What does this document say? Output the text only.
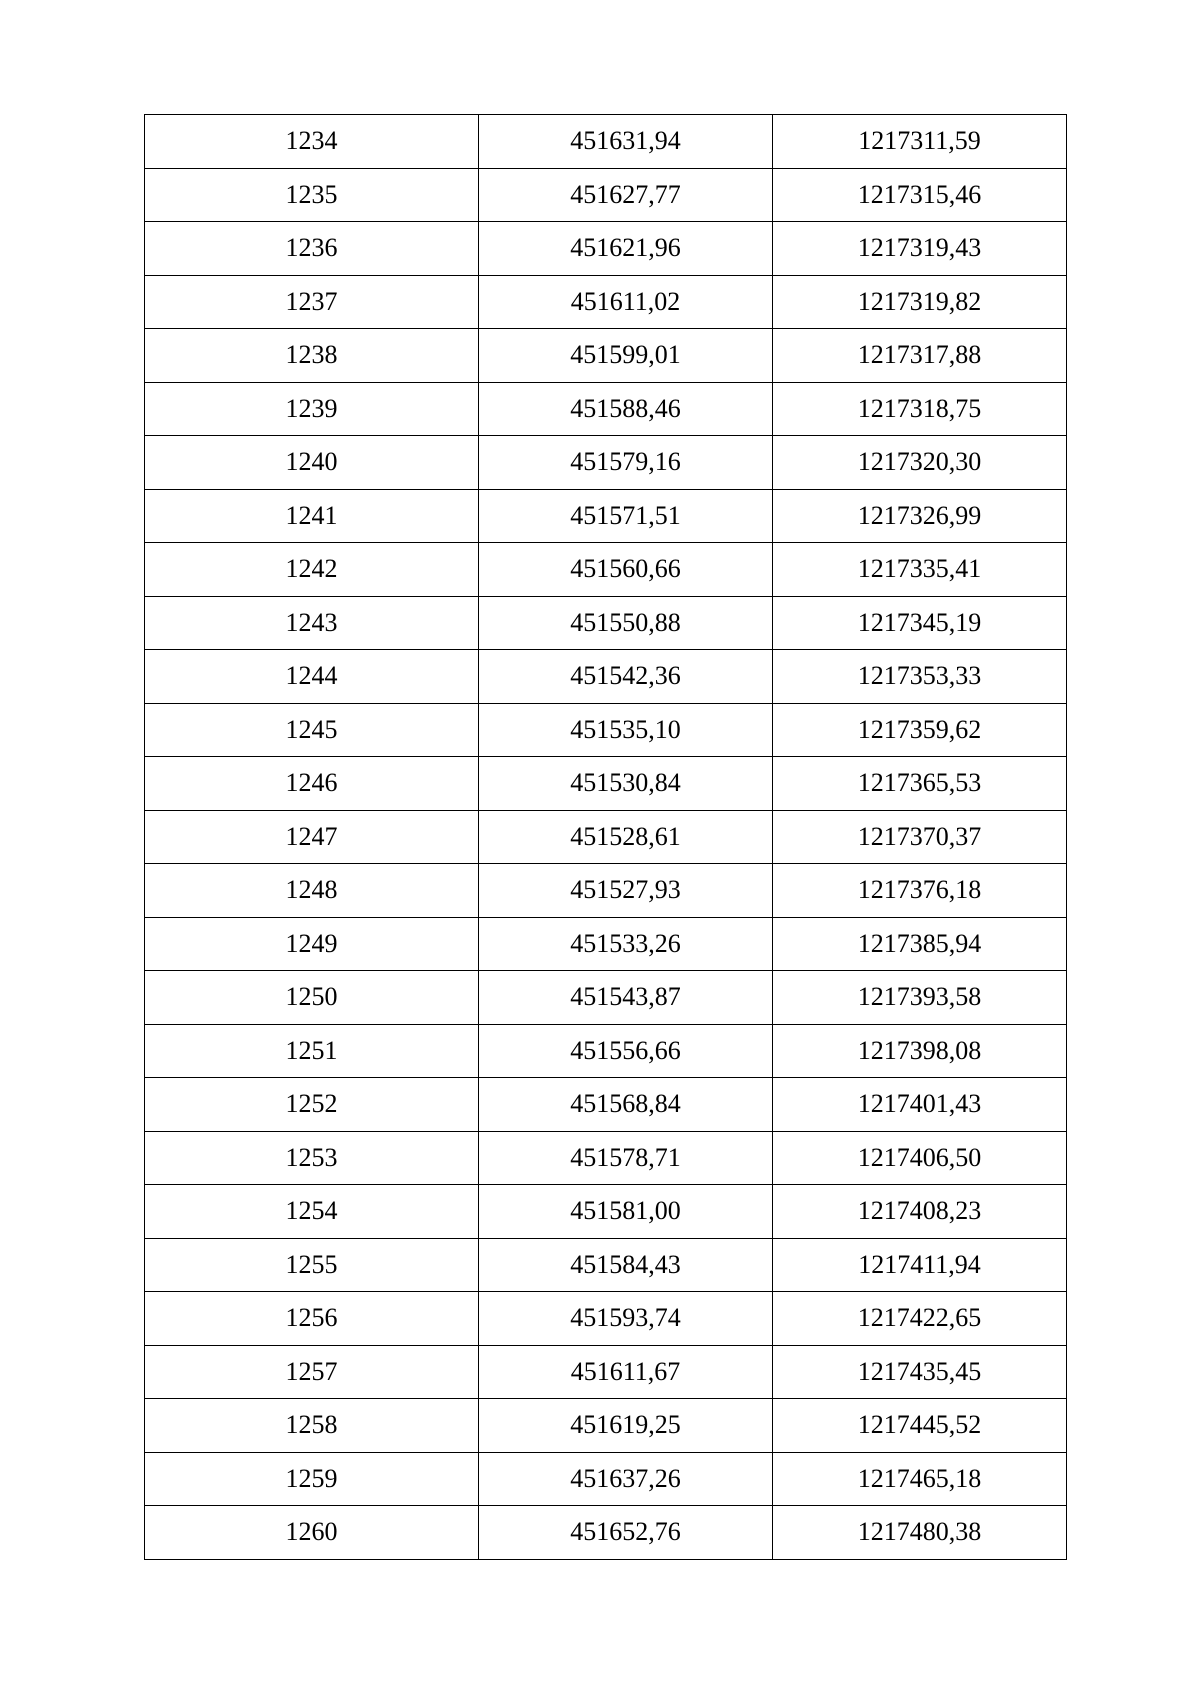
1234	451631,94	1217311,59
1235	451627,77	1217315,46
1236	451621,96	1217319,43
1237	451611,02	1217319,82
1238	451599,01	1217317,88
1239	451588,46	1217318,75
1240	451579,16	1217320,30
1241	451571,51	1217326,99
1242	451560,66	1217335,41
1243	451550,88	1217345,19
1244	451542,36	1217353,33
1245	451535,10	1217359,62
1246	451530,84	1217365,53
1247	451528,61	1217370,37
1248	451527,93	1217376,18
1249	451533,26	1217385,94
1250	451543,87	1217393,58
1251	451556,66	1217398,08
1252	451568,84	1217401,43
1253	451578,71	1217406,50
1254	451581,00	1217408,23
1255	451584,43	1217411,94
1256	451593,74	1217422,65
1257	451611,67	1217435,45
1258	451619,25	1217445,52
1259	451637,26	1217465,18
1260	451652,76	1217480,38
